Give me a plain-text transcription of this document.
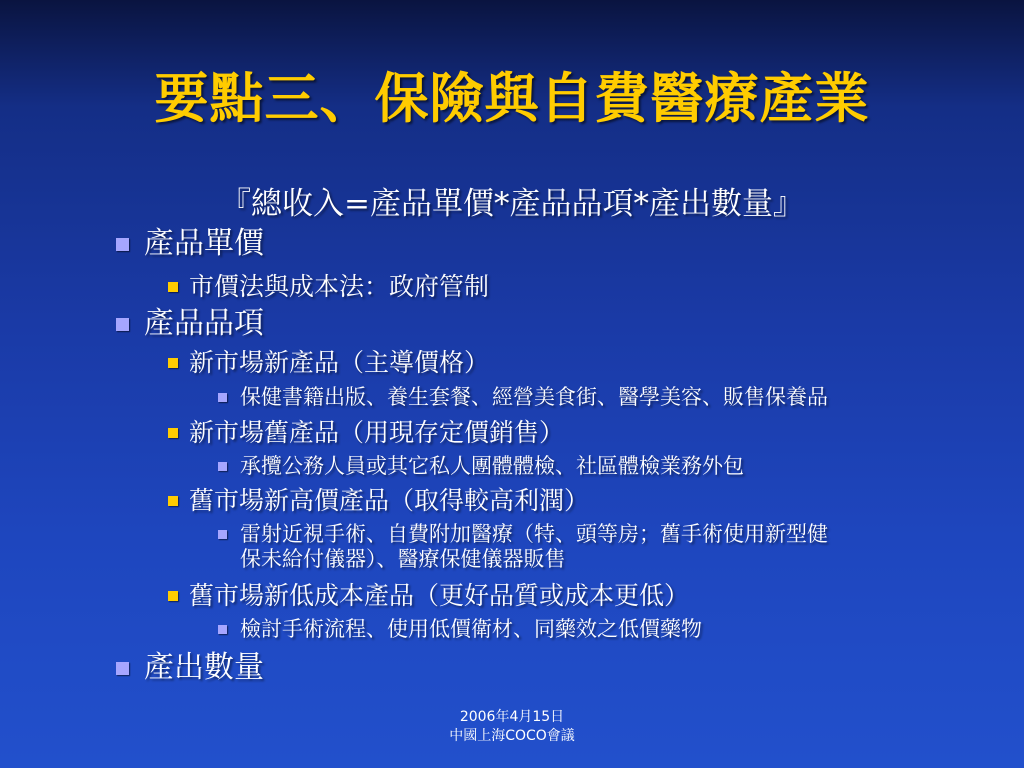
要點三、保險與自費醫療產業
『總收入=產品單價*產品品項*產出數量』
產品單價
市價法與成本法：政府管制
產品品項
新市場新產品（主導價格）
保健書籍出版、養生套餐、經營美食街、醫學美容、販售保養品
新市場舊產品（用現存定價銷售）
承攬公務人員或其它私人團體體檢、社區體檢業務外包
舊市場新高價產品（取得較高利潤）
雷射近視手術、自費附加醫療（特、頭等房；舊手術使用新型健
保未給付儀器）、醫療保健儀器販售
舊市場新低成本產品（更好品質或成本更低）
檢討手術流程、使用低價衛材、同藥效之低價藥物
產出數量
2006年4月15日
中國上海COCO會議
